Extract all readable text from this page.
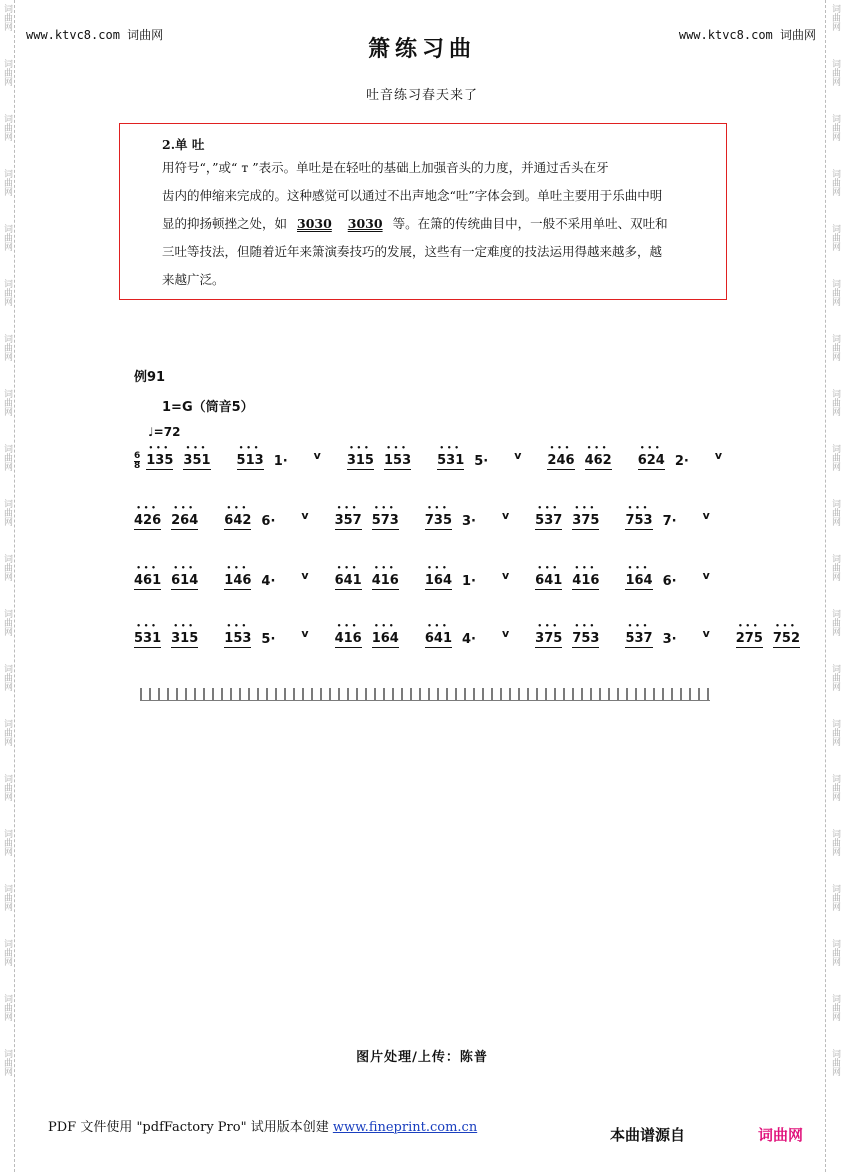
词曲网
词曲网
词曲网
词曲网
词曲网
词曲网
词曲网
词曲网
词曲网
词曲网
词曲网
词曲网
词曲网
词曲网
词曲网
词曲网
词曲网
词曲网
词曲网
词曲网
词曲网
词曲网
词曲网
词曲网
词曲网
词曲网
词曲网
词曲网
词曲网
词曲网
词曲网
词曲网
词曲网
词曲网
词曲网
词曲网
词曲网
词曲网
词曲网
词曲网
www.ktvc8.com 词曲网	www.ktvc8.com 词曲网
箫练习曲
吐音练习春天来了
2.单 吐

用符号“，”或“ т ”表示。单吐是在轻吐的基础上加强音头的力度，并通过舌头在牙

齿内的伸缩来完成的。这种感觉可以通过不出声地念“吐”字体会到。单吐主要用于乐曲中明

显的抑扬顿挫之处，如 3030 3030 等。在箫的传统曲目中，一般不采用单吐、双吐和

三吐等技法，但随着近年来箫演奏技巧的发展，这些有一定难度的技法运用得越来越多，越

来越广泛。

例91
1=G（筒音5）
♩=72
6
8 ••• 135 ••• 351 ••• 513 1· v ••• 315 ••• 153 ••• 531 5· v ••• 246 ••• 462 ••• 624 2· v
••• 426 ••• 264 ••• 642 6· v ••• 357 ••• 573 ••• 735 3· v ••• 537 ••• 375 ••• 753 7· v
••• 461 ••• 614 ••• 146 4· v ••• 641 ••• 416 ••• 164 1· v ••• 641 ••• 416 ••• 164 6· v
••• 531 ••• 315 ••• 153 5· v ••• 416 ••• 164 ••• 641 4· v ••• 375 ••• 753 ••• 537 3· v ••• 275 ••• 752
图片处理/上传：陈普
PDF 文件使用 "pdfFactory Pro" 试用版本创建 www.fineprint.com.cn	本曲谱源自	词曲网
